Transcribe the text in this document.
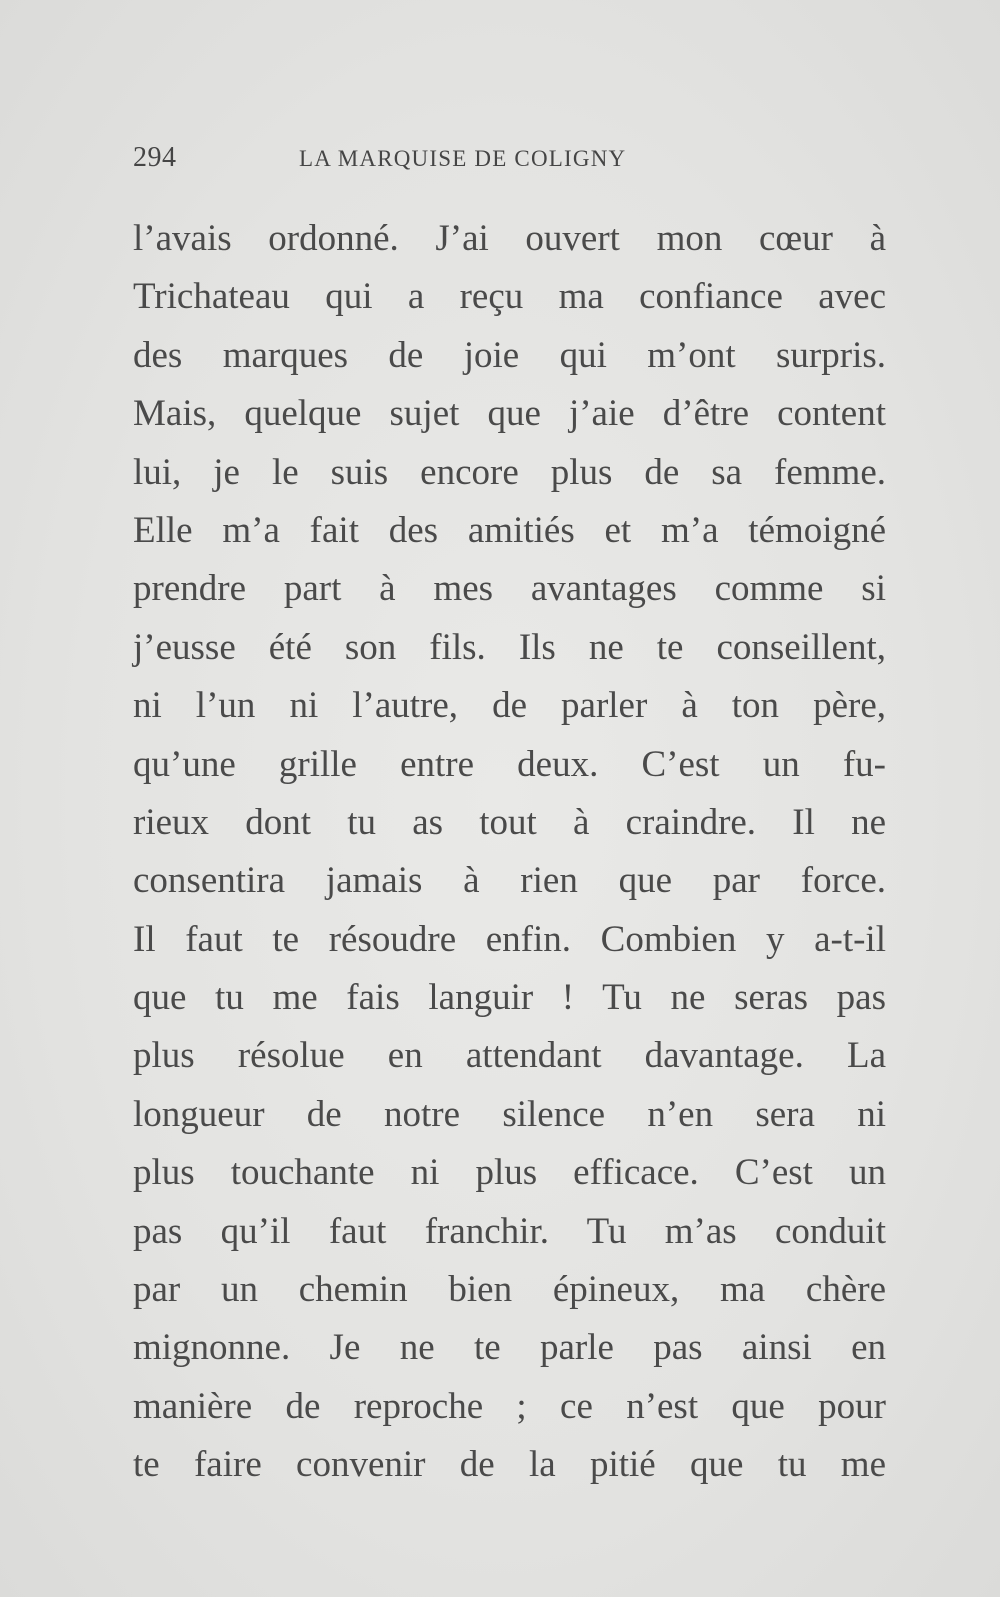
294	LA MARQUISE DE COLIGNY
l’avais ordonné. J’ai ouvert mon cœur à
Trichateau qui a reçu ma confiance avec
des marques de joie qui m’ont surpris.
Mais, quelque sujet que j’aie d’être content
lui, je le suis encore plus de sa femme.
Elle m’a fait des amitiés et m’a témoigné
prendre part à mes avantages comme si
j’eusse été son fils. Ils ne te conseillent,
ni l’un ni l’autre, de parler à ton père,
qu’une grille entre deux. C’est un fu-
rieux dont tu as tout à craindre. Il ne
consentira jamais à rien que par force.
Il faut te résoudre enfin. Combien y a-t-il
que tu me fais languir ! Tu ne seras pas
plus résolue en attendant davantage. La
longueur de notre silence n’en sera ni
plus touchante ni plus efficace. C’est un
pas qu’il faut franchir. Tu m’as conduit
par un chemin bien épineux, ma chère
mignonne. Je ne te parle pas ainsi en
manière de reproche ; ce n’est que pour
te faire convenir de la pitié que tu me
